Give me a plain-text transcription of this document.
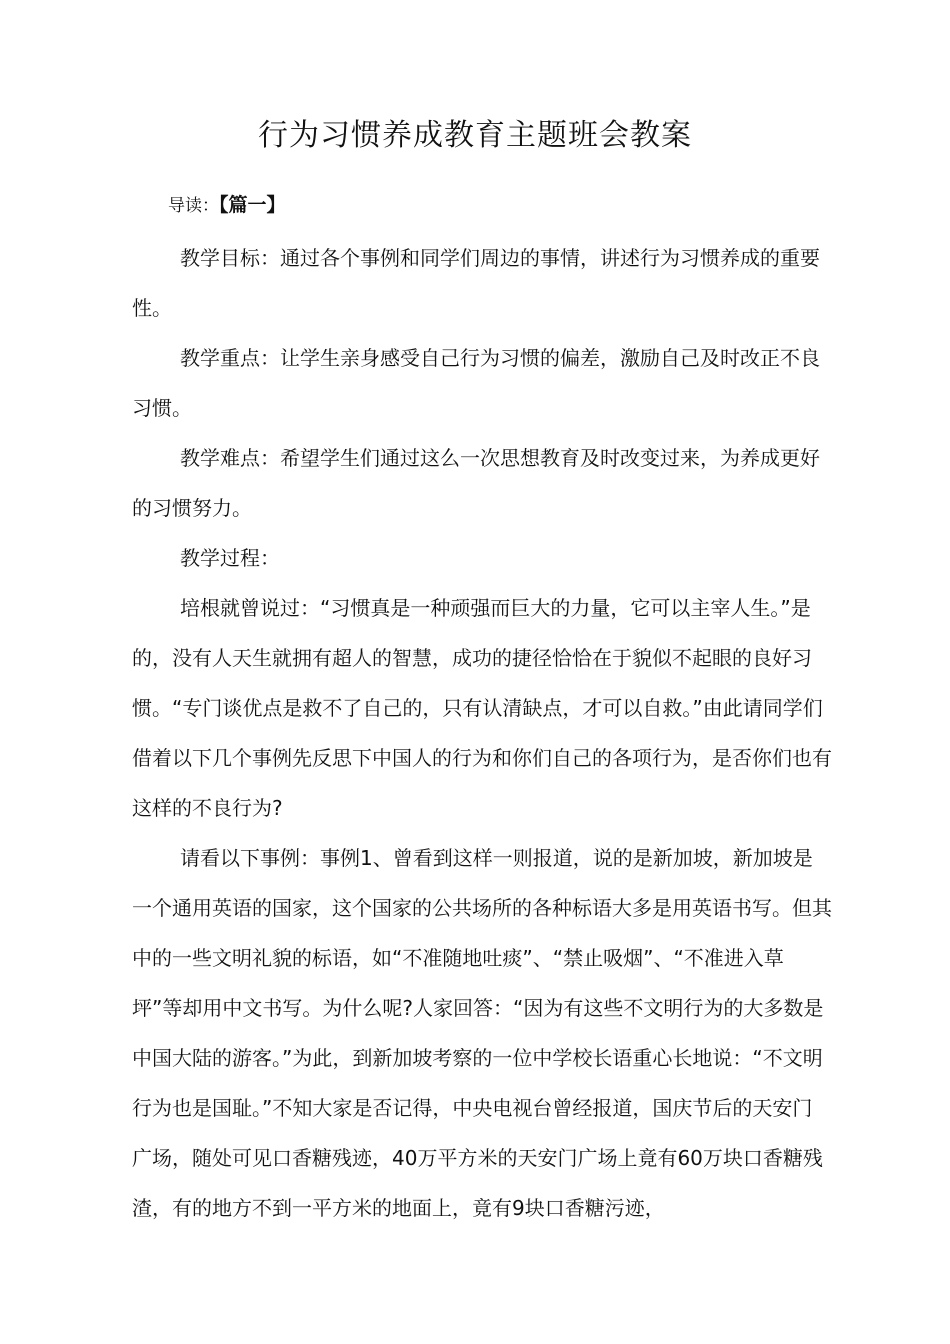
行为习惯养成教育主题班会教案
导读：【篇一】

教学目标：通过各个事例和同学们周边的事情，讲述行为习惯养成的重要性。

教学重点：让学生亲身感受自己行为习惯的偏差，激励自己及时改正不良习惯。

教学难点：希望学生们通过这么一次思想教育及时改变过来，为养成更好的习惯努力。

教学过程：

培根就曾说过：“习惯真是一种顽强而巨大的力量，它可以主宰人生。”是的，没有人天生就拥有超人的智慧，成功的捷径恰恰在于貌似不起眼的良好习惯。“专门谈优点是救不了自己的，只有认清缺点，才可以自救。”由此请同学们借着以下几个事例先反思下中国人的行为和你们自己的各项行为，是否你们也有这样的不良行为?

请看以下事例：事例1、曾看到这样一则报道，说的是新加坡，新加坡是一个通用英语的国家，这个国家的公共场所的各种标语大多是用英语书写。但其中的一些文明礼貌的标语，如“不准随地吐痰”、“禁止吸烟”、“不准进入草坪”等却用中文书写。为什么呢?人家回答：“因为有这些不文明行为的大多数是中国大陆的游客。”为此，到新加坡考察的一位中学校长语重心长地说：“不文明行为也是国耻。”不知大家是否记得，中央电视台曾经报道，国庆节后的天安门广场，随处可见口香糖残迹，40万平方米的天安门广场上竟有60万块口香糖残渣，有的地方不到一平方米的地面上，竟有9块口香糖污迹，
